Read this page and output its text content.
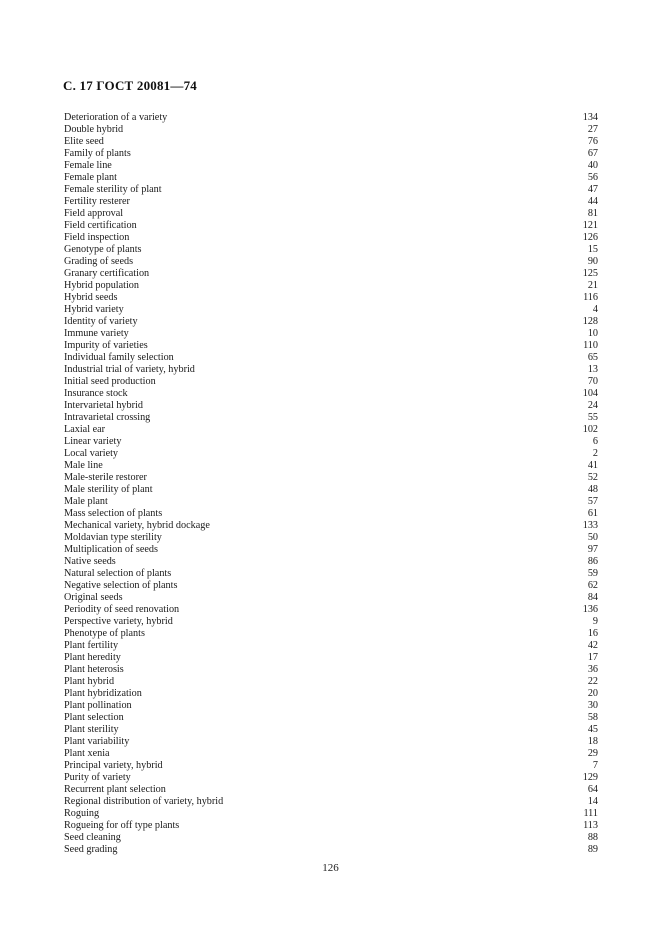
С. 17 ГОСТ 20081—74
Deterioration of a variety	134
Double hybrid	27
Elite seed	76
Family of plants	67
Female line	40
Female plant	56
Female sterility of plant	47
Fertility resterer	44
Field approval	81
Field certification	121
Field inspection	126
Genotype of plants	15
Grading of seeds	90
Granary certification	125
Hybrid population	21
Hybrid seeds	116
Hybrid variety	4
Identity of variety	128
Immune variety	10
Impurity of varieties	110
Individual family selection	65
Industrial trial of variety, hybrid	13
Initial seed production	70
Insurance stock	104
Intervarietal hybrid	24
Intravarietal crossing	55
Laxial ear	102
Linear variety	6
Local variety	2
Male line	41
Male-sterile restorer	52
Male sterility of plant	48
Male plant	57
Mass selection of plants	61
Mechanical variety, hybrid dockage	133
Moldavian type sterility	50
Multiplication of seeds	97
Native seeds	86
Natural selection of plants	59
Negative selection of plants	62
Original seeds	84
Periodity of seed renovation	136
Perspective variety, hybrid	9
Phenotype of plants	16
Plant fertility	42
Plant heredity	17
Plant heterosis	36
Plant hybrid	22
Plant hybridization	20
Plant pollination	30
Plant selection	58
Plant sterility	45
Plant variability	18
Plant xenia	29
Principal variety, hybrid	7
Purity of variety	129
Recurrent plant selection	64
Regional distribution of variety, hybrid	14
Roguing	111
Rogueing for off type plants	113
Seed cleaning	88
Seed grading	89
126
